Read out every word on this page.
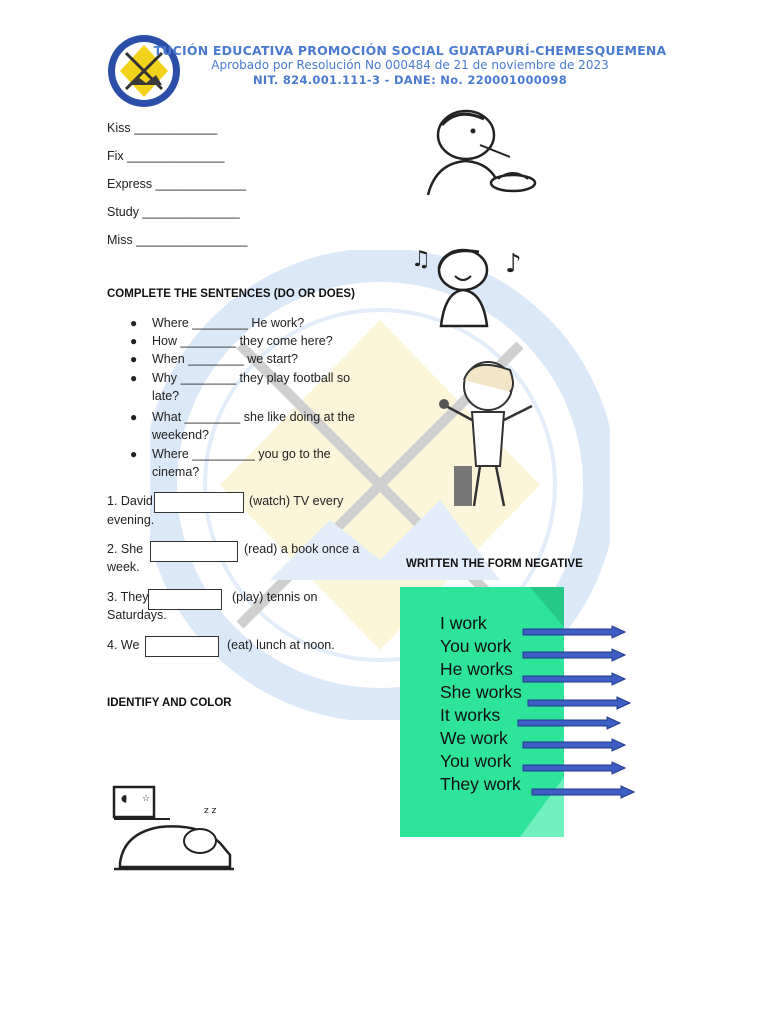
TUCIÓN EDUCATIVA PROMOCIÓN SOCIAL GUATAPURÍ-CHEMESQUEMENA
Aprobado por Resolución No 000484 de 21 de noviembre de 2023
NIT. 824.001.111-3 - DANE: No. 220001000098
Kiss ____________
Fix ______________
Express _____________
Study ______________
Miss ________________
♫	♪
COMPLETE THE SENTENCES (DO OR DOES)
● Where ________ He work?
● How ________ they come here?
● When ________ we start?
● Why ________ they play football so late?
● What ________ she like doing at the weekend?
● Where _________ you go to the cinema?
1. David	(watch) TV every
evening.
2. She	(read) a book once a
week.
3. They	(play) tennis on
Saturdays.
4. We	(eat) lunch at noon.
IDENTIFY AND COLOR
☆
z z
WRITTEN THE FORM NEGATIVE
I work
You work
He works
She works
It works
We work
You work
They work
